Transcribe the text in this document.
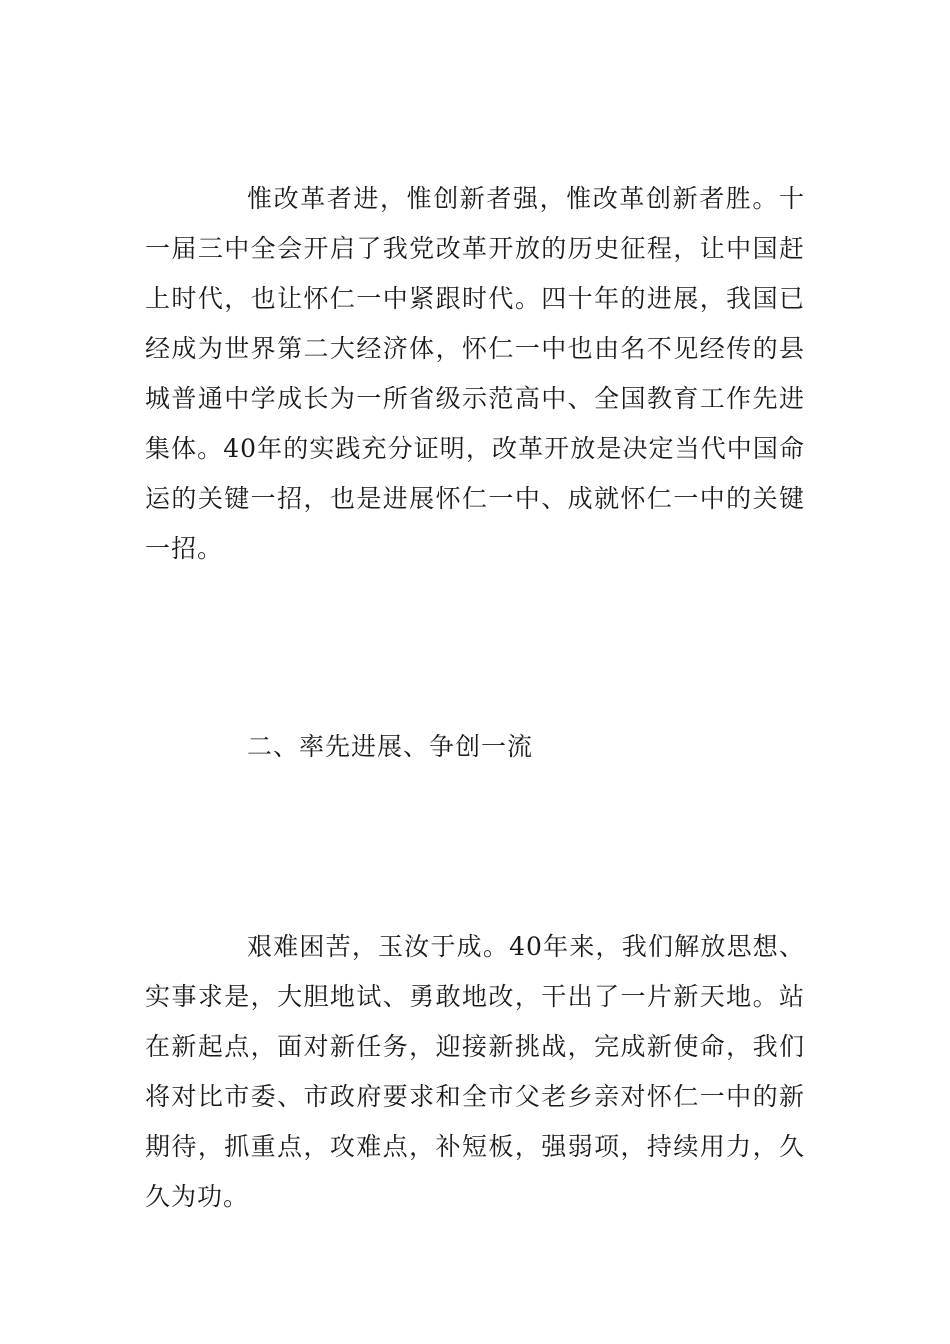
惟改革者进，惟创新者强，惟改革创新者胜。十一届三中全会开启了我党改革开放的历史征程，让中国赶上时代，也让怀仁一中紧跟时代。四十年的进展，我国已经成为世界第二大经济体，怀仁一中也由名不见经传的县城普通中学成长为一所省级示范高中、全国教育工作先进集体。40年的实践充分证明，改革开放是决定当代中国命运的关键一招，也是进展怀仁一中、成就怀仁一中的关键一招。

二、率先进展、争创一流

艰难困苦，玉汝于成。40年来，我们解放思想、实事求是，大胆地试、勇敢地改，干出了一片新天地。站在新起点，面对新任务，迎接新挑战，完成新使命，我们将对比市委、市政府要求和全市父老乡亲对怀仁一中的新期待，抓重点，攻难点，补短板，强弱项，持续用力，久久为功。
